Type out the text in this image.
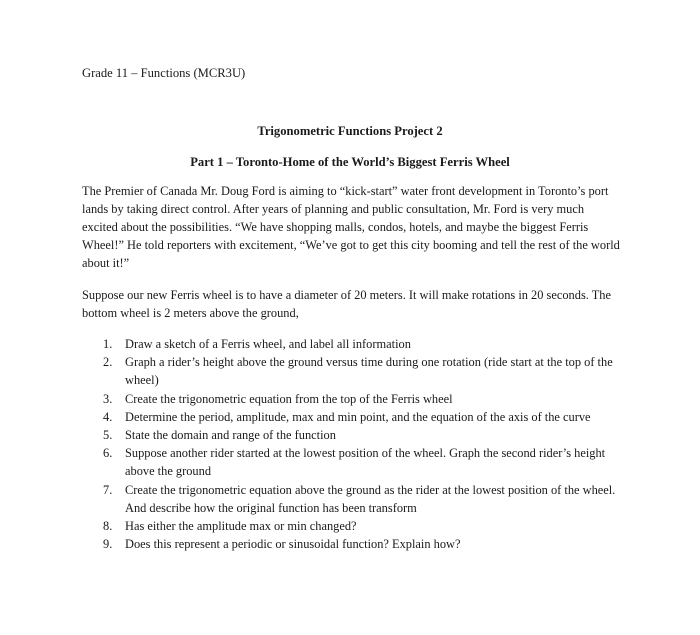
Grade 11 – Functions (MCR3U)
Trigonometric Functions Project 2
Part 1 – Toronto-Home of the World’s Biggest Ferris Wheel
The Premier of Canada Mr. Doug Ford is aiming to “kick-start” water front development in Toronto’s port lands by taking direct control. After years of planning and public consultation, Mr. Ford is very much excited about the possibilities. “We have shopping malls, condos, hotels, and maybe the biggest Ferris Wheel!” He told reporters with excitement, “We’ve got to get this city booming and tell the rest of the world about it!”
Suppose our new Ferris wheel is to have a diameter of 20 meters. It will make rotations in 20 seconds. The bottom wheel is 2 meters above the ground,
1. Draw a sketch of a Ferris wheel, and label all information
2. Graph a rider’s height above the ground versus time during one rotation (ride start at the top of the wheel)
3. Create the trigonometric equation from the top of the Ferris wheel
4. Determine the period, amplitude, max and min point, and the equation of the axis of the curve
5. State the domain and range of the function
6. Suppose another rider started at the lowest position of the wheel. Graph the second rider’s height above the ground
7. Create the trigonometric equation above the ground as the rider at the lowest position of the wheel. And describe how the original function has been transform
8. Has either the amplitude max or min changed?
9. Does this represent a periodic or sinusoidal function? Explain how?
